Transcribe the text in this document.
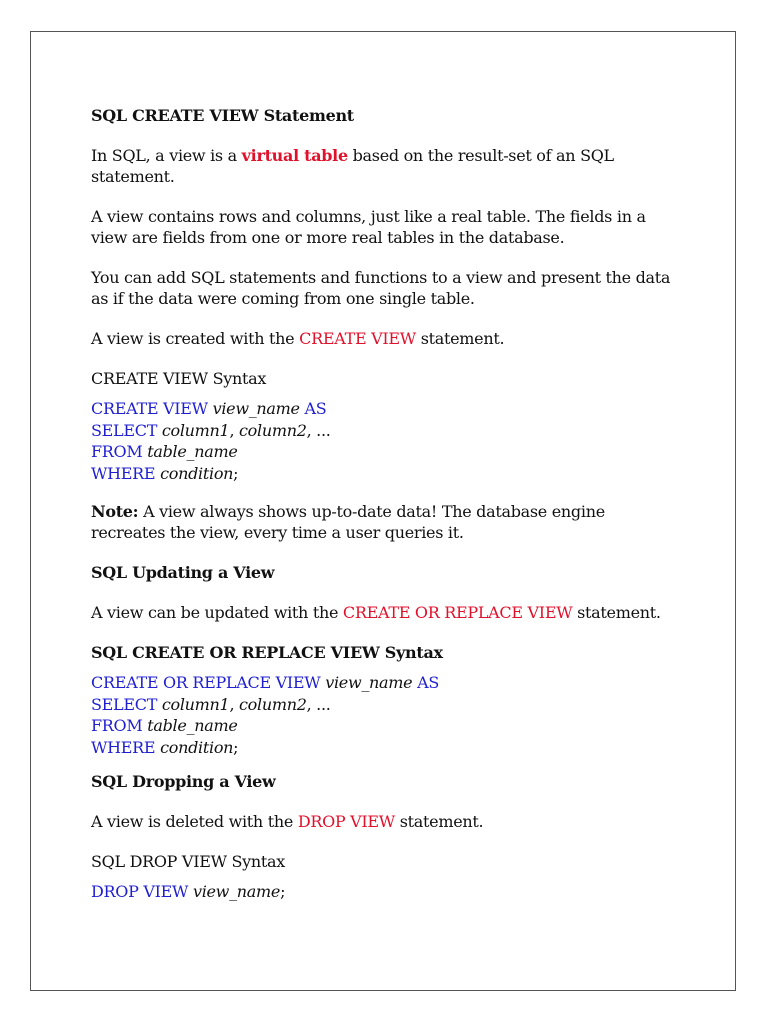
SQL CREATE VIEW Statement

In SQL, a view is a virtual table based on the result-set of an SQL statement.

A view contains rows and columns, just like a real table. The fields in a view are fields from one or more real tables in the database.

You can add SQL statements and functions to a view and present the data as if the data were coming from one single table.

A view is created with the CREATE VIEW statement.

CREATE VIEW Syntax

CREATE VIEW view_name AS
SELECT column1, column2, ...
FROM table_name
WHERE condition;

Note: A view always shows up-to-date data! The database engine recreates the view, every time a user queries it.

SQL Updating a View

A view can be updated with the CREATE OR REPLACE VIEW statement.

SQL CREATE OR REPLACE VIEW Syntax

CREATE OR REPLACE VIEW view_name AS
SELECT column1, column2, ...
FROM table_name
WHERE condition;

SQL Dropping a View

A view is deleted with the DROP VIEW statement.

SQL DROP VIEW Syntax

DROP VIEW view_name;
